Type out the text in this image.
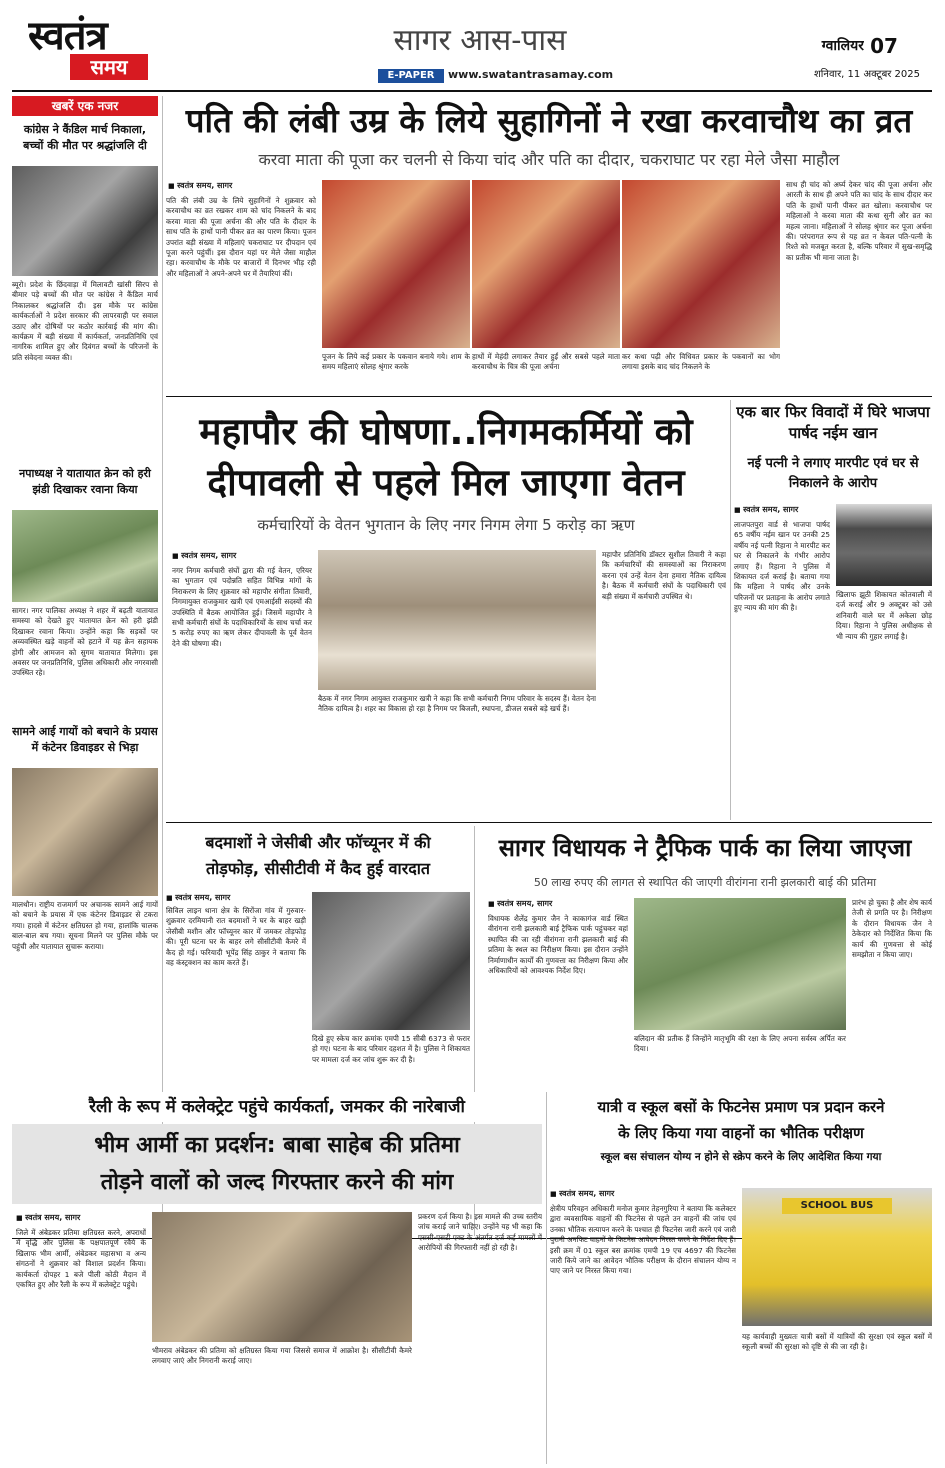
स्वतंत्र
समय
सागर आस-पास
E-PAPER	www.swatantrasamay.com
ग्वालियर 07
शनिवार, 11 अक्टूबर 2025
खबरें एक नजर
कांग्रेस ने कैंडिल मार्च निकाला, बच्चों की मौत पर श्रद्धांजलि दी
ब्यूरो। प्रदेश के छिंदवाड़ा में मिलावटी खांसी सिरप से बीमार पड़े बच्चों की मौत पर कांग्रेस ने कैंडिल मार्च निकालकर श्रद्धांजलि दी। इस मौके पर कांग्रेस कार्यकर्ताओं ने प्रदेश सरकार की लापरवाही पर सवाल उठाए और दोषियों पर कठोर कार्रवाई की मांग की। कार्यक्रम में बड़ी संख्या में कार्यकर्ता, जनप्रतिनिधि एवं नागरिक शामिल हुए और दिवंगत बच्चों के परिजनों के प्रति संवेदना व्यक्त की।
नपाध्यक्ष ने यातायात क्रेन को हरी झंडी दिखाकर रवाना किया
सागर। नगर पालिका अध्यक्ष ने शहर में बढ़ती यातायात समस्या को देखते हुए यातायात क्रेन को हरी झंडी दिखाकर रवाना किया। उन्होंने कहा कि सड़कों पर अव्यवस्थित खड़े वाहनों को हटाने में यह क्रेन सहायक होगी और आमजन को सुगम यातायात मिलेगा। इस अवसर पर जनप्रतिनिधि, पुलिस अधिकारी और नगरवासी उपस्थित रहे।
सामने आई गायों को बचाने के प्रयास में कंटेनर डिवाइडर से भिड़ा
मालथौन। राष्ट्रीय राजमार्ग पर अचानक सामने आई गायों को बचाने के प्रयास में एक कंटेनर डिवाइडर से टकरा गया। हादसे में कंटेनर क्षतिग्रस्त हो गया, हालांकि चालक बाल-बाल बच गया। सूचना मिलने पर पुलिस मौके पर पहुंची और यातायात सुचारू कराया।
पति की लंबी उम्र के लिये सुहागिनों ने रखा करवाचौथ का व्रत
करवा माता की पूजा कर चलनी से किया चांद और पति का दीदार, चकराघाट पर रहा मेले जैसा माहौल
■ स्वतंत्र समय, सागर
पति की लंबी उम्र के लिये सुहागिनों ने शुक्रवार को करवाचौथ का व्रत रखकर शाम को चांद निकलने के बाद करवा माता की पूजा अर्चना की और पति के दीदार के साथ पति के हाथों पानी पीकर व्रत का पारण किया। पूजन उपरांत बड़ी संख्या में महिलाएं चकराघाट पर दीपदान एवं पूजा करने पहुंचीं। इस दौरान यहां पर मेले जैसा माहौल रहा। करवाचौथ के मौके पर बाजारों में दिनभर भीड़ रही और महिलाओं ने अपने-अपने घर में तैयारियां कीं।
पूजन के लिये कई प्रकार के पकवान बनाये गये। शाम के समय महिलाएं सोलह श्रृंगार करके
हाथों में मेहंदी लगाकर तैयार हुईं और सबसे पहले माता करवाचौथ के चित्र की पूजा अर्चना
कर कथा पढ़ी और विधिवत प्रकार के पकवानों का भोग लगाया इसके बाद चांद निकलने के
साथ ही चांद को अर्घ्य देकर चांद की पूजा अर्चना और आरती के साथ ही अपने पति का चांद के साथ दीदार कर पति के हाथों पानी पीकर व्रत खोला। करवाचौथ पर महिलाओं ने करवा माता की कथा सुनी और व्रत का महत्व जाना। महिलाओं ने सोलह श्रृंगार कर पूजा अर्चना की। परंपरागत रूप से यह व्रत न केवल पति-पत्नी के रिश्ते को मजबूत करता है, बल्कि परिवार में सुख-समृद्धि का प्रतीक भी माना जाता है।
महापौर की घोषणा..निगमकर्मियों को
दीपावली से पहले मिल जाएगा वेतन
कर्मचारियों के वेतन भुगतान के लिए नगर निगम लेगा 5 करोड़ का ऋण
■ स्वतंत्र समय, सागर
नगर निगम कर्मचारी संघों द्वारा की गई वेतन, एरियर का भुगतान एवं पदोन्नति सहित विभिन्न मांगों के निराकरण के लिए शुक्रवार को महापौर संगीता तिवारी, निगमायुक्त राजकुमार खत्री एवं एमआईसी सदस्यों की उपस्थिति में बैठक आयोजित हुई। जिसमें महापौर ने सभी कर्मचारी संघों के पदाधिकारियों के साथ चर्चा कर 5 करोड़ रुपए का ऋण लेकर दीपावली के पूर्व वेतन देने की घोषणा की।
बैठक में नगर निगम आयुक्त राजकुमार खत्री ने कहा कि सभी कर्मचारी निगम परिवार के सदस्य हैं। वेतन देना नैतिक दायित्व है। शहर का विकास हो रहा है निगम पर बिजली, स्थापना, डीजल सबसे बड़े खर्च हैं।
महापौर प्रतिनिधि डॉक्टर सुशील तिवारी ने कहा कि कर्मचारियों की समस्याओं का निराकरण करना एवं उन्हें वेतन देना हमारा नैतिक दायित्व है। बैठक में कर्मचारी संघों के पदाधिकारी एवं बड़ी संख्या में कर्मचारी उपस्थित थे।
एक बार फिर विवादों में घिरे भाजपा पार्षद नईम खान
नई पत्नी ने लगाए मारपीट एवं घर से निकालने के आरोप
■ स्वतंत्र समय, सागर
लाजपतपुरा वार्ड से भाजपा पार्षद 65 वर्षीय नईम खान पर उनकी 25 वर्षीय नई पत्नी रिहाना ने मारपीट कर घर से निकालने के गंभीर आरोप लगाए हैं। रिहाना ने पुलिस में शिकायत दर्ज कराई है। बताया गया कि महिला ने पार्षद और उनके परिजनों पर प्रताड़ना के आरोप लगाते हुए न्याय की मांग की है।
खिलाफ झूठी शिकायत कोतवाली में दर्ज कराई और 9 अक्टूबर को उसे शनिवारी वाले घर में अकेला छोड़ दिया। रिहाना ने पुलिस अधीक्षक से भी न्याय की गुहार लगाई है।
बदमाशों ने जेसीबी और फॉच्यूनर में की
तोड़फोड़, सीसीटीवी में कैद हुई वारदात
■ स्वतंत्र समय, सागर
सिविल लाइन थाना क्षेत्र के सिरोंजा गांव में गुरुवार-शुक्रवार दरमियानी रात बदमाशों ने घर के बाहर खड़ी जेसीबी मशीन और फॉच्यूनर कार में जमकर तोड़फोड़ की। पूरी घटना घर के बाहर लगे सीसीटीवी कैमरे में कैद हो गई। फरियादी भूपेंद्र सिंह ठाकुर ने बताया कि वह कंस्ट्रक्शन का काम करते हैं।
दिखे हुए स्केच कार क्रमांक एमपी 15 सीबी 6373 से फरार हो गए। घटना के बाद परिवार दहशत में है। पुलिस ने शिकायत पर मामला दर्ज कर जांच शुरू कर दी है।
सागर विधायक ने ट्रैफिक पार्क का लिया जाएजा
50 लाख रुपए की लागत से स्थापित की जाएगी वीरांगना रानी झलकारी बाई की प्रतिमा
■ स्वतंत्र समय, सागर
विधायक शैलेंद्र कुमार जैन ने काकागंज वार्ड स्थित वीरांगना रानी झलकारी बाई ट्रैफिक पार्क पहुंचकर वहां स्थापित की जा रही वीरांगना रानी झलकारी बाई की प्रतिमा के स्थल का निरीक्षण किया। इस दौरान उन्होंने निर्माणाधीन कार्यों की गुणवत्ता का निरीक्षण किया और अधिकारियों को आवश्यक निर्देश दिए।
बलिदान की प्रतीक हैं जिन्होंने मातृभूमि की रक्षा के लिए अपना सर्वस्व अर्पित कर दिया।
प्रारंभ हो चुका है और शेष कार्य तेजी से प्रगति पर है। निरीक्षण के दौरान विधायक जैन ने ठेकेदार को निर्देशित किया कि कार्य की गुणवत्ता से कोई समझौता न किया जाए।
रैली के रूप में कलेक्ट्रेट पहुंचे कार्यकर्ता, जमकर की नारेबाजी
भीम आर्मी का प्रदर्शन: बाबा साहेब की प्रतिमा
तोड़ने वालों को जल्द गिरफ्तार करने की मांग
■ स्वतंत्र समय, सागर
जिले में अंबेडकर प्रतिमा क्षतिग्रस्त करने, अपराधों में वृद्धि और पुलिस के पक्षपातपूर्ण रवैये के खिलाफ भीम आर्मी, अंबेडकर महासभा व अन्य संगठनों ने शुक्रवार को विशाल प्रदर्शन किया। कार्यकर्ता दोपहर 1 बजे पीली कोठी मैदान में एकत्रित हुए और रैली के रूप में कलेक्ट्रेट पहुंचे।
भीमराव अंबेडकर की प्रतिमा को क्षतिग्रस्त किया गया जिससे समाज में आक्रोश है। सीसीटीवी कैमरे लगवाए जाएं और निगरानी कराई जाए।
प्रकरण दर्ज किया है। इस मामले की उच्च स्तरीय जांच कराई जाने चाहिए। उन्होंने यह भी कहा कि एससी-एसटी एक्ट के अंतर्गत दर्ज कई मामलों में आरोपियों की गिरफ्तारी नहीं हो रही है।
यात्री व स्कूल बसों के फिटनेस प्रमाण पत्र प्रदान करने
के लिए किया गया वाहनों का भौतिक परीक्षण
स्कूल बस संचालन योग्य न होने से स्क्रेप करने के लिए आदेशित किया गया
■ स्वतंत्र समय, सागर
क्षेत्रीय परिवहन अधिकारी मनोज कुमार तेहनगुरिया ने बताया कि कलेक्टर द्वारा व्यवसायिक वाहनों की फिटनेस से पहले उन वाहनों की जांच एवं उनका भौतिक सत्यापन करने के पश्चात ही फिटनेस जारी करने एवं जारी पुरानी अनफिट वाहनों के फिटनेस आवेदन निरस्त करने के निर्देश दिए हैं। इसी क्रम में 01 स्कूल बस क्रमांक एमपी 19 एच 4697 की फिटनेस जारी किये जाने का आवेदन भौतिक परीक्षण के दौरान संचालन योग्य न पाए जाने पर निरस्त किया गया।
SCHOOL BUS
यह कार्यवाही मुख्यतः यात्री बसों में यात्रियों की सुरक्षा एवं स्कूल बसों में स्कूली बच्चों की सुरक्षा को दृष्टि से की जा रही है।
